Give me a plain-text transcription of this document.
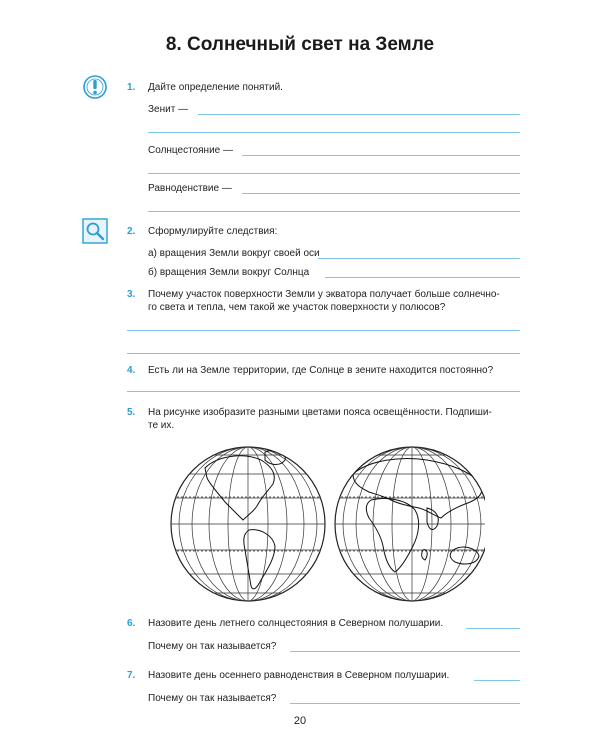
8. Солнечный свет на Земле
1. Дайте определение понятий.
Зенит —
Солнцестояние —
Равноденствие —
2. Сформулируйте следствия:
а) вращения Земли вокруг своей оси
б) вращения Земли вокруг Солнца
3. Почему участок поверхности Земли у экватора получает больше солнечно-
го света и тепла, чем такой же участок поверхности у полюсов?
4. Есть ли на Земле территории, где Солнце в зените находится постоянно?
5. На рисунке изобразите разными цветами пояса освещённости. Подпиши-
те их.
6. Назовите день летнего солнцестояния в Северном полушарии.
Почему он так называется?
7. Назовите день осеннего равноденствия в Северном полушарии.
Почему он так называется?
20
